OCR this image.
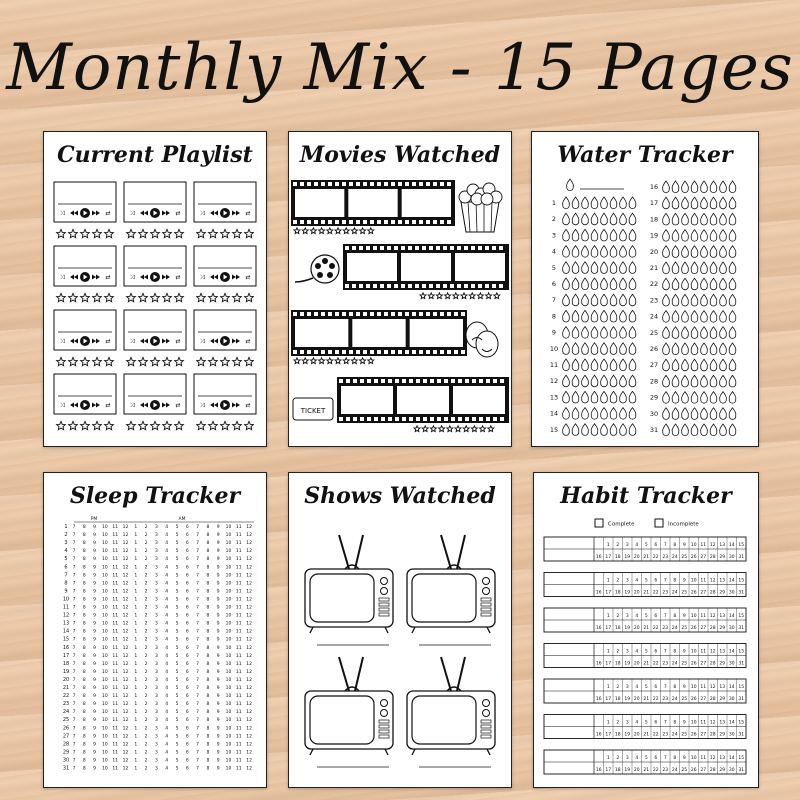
Monthly Mix - 15 Pages
Current Playlist
⤨	⇄	⤨	⇄	⤨	⇄
⤨	⇄	⤨	⇄	⤨	⇄
⤨	⇄	⤨	⇄	⤨	⇄
⤨	⇄	⤨	⇄	⤨	⇄
Movies Watched
TICKET
Water Tracker
1
2
3
4
5
6
7
8
9
10
11
12
13
14
15
16
17
18
19
20
21
22
23
24
25
26
27
28
29
30
31
Sleep Tracker
PM	AM
1 7 8 9 10 11 12 1 2 3 4 5 6 7 8 9 10 11 12
2 7 8 9 10 11 12 1 2 3 4 5 6 7 8 9 10 11 12
3 7 8 9 10 11 12 1 2 3 4 5 6 7 8 9 10 11 12
4 7 8 9 10 11 12 1 2 3 4 5 6 7 8 9 10 11 12
5 7 8 9 10 11 12 1 2 3 4 5 6 7 8 9 10 11 12
6 7 8 9 10 11 12 1 2 3 4 5 6 7 8 9 10 11 12
7 7 8 9 10 11 12 1 2 3 4 5 6 7 8 9 10 11 12
8 7 8 9 10 11 12 1 2 3 4 5 6 7 8 9 10 11 12
9 7 8 9 10 11 12 1 2 3 4 5 6 7 8 9 10 11 12
10 7 8 9 10 11 12 1 2 3 4 5 6 7 8 9 10 11 12
11 7 8 9 10 11 12 1 2 3 4 5 6 7 8 9 10 11 12
12 7 8 9 10 11 12 1 2 3 4 5 6 7 8 9 10 11 12
13 7 8 9 10 11 12 1 2 3 4 5 6 7 8 9 10 11 12
14 7 8 9 10 11 12 1 2 3 4 5 6 7 8 9 10 11 12
15 7 8 9 10 11 12 1 2 3 4 5 6 7 8 9 10 11 12
16 7 8 9 10 11 12 1 2 3 4 5 6 7 8 9 10 11 12
17 7 8 9 10 11 12 1 2 3 4 5 6 7 8 9 10 11 12
18 7 8 9 10 11 12 1 2 3 4 5 6 7 8 9 10 11 12
19 7 8 9 10 11 12 1 2 3 4 5 6 7 8 9 10 11 12
20 7 8 9 10 11 12 1 2 3 4 5 6 7 8 9 10 11 12
21 7 8 9 10 11 12 1 2 3 4 5 6 7 8 9 10 11 12
22 7 8 9 10 11 12 1 2 3 4 5 6 7 8 9 10 11 12
23 7 8 9 10 11 12 1 2 3 4 5 6 7 8 9 10 11 12
24 7 8 9 10 11 12 1 2 3 4 5 6 7 8 9 10 11 12
25 7 8 9 10 11 12 1 2 3 4 5 6 7 8 9 10 11 12
26 7 8 9 10 11 12 1 2 3 4 5 6 7 8 9 10 11 12
27 7 8 9 10 11 12 1 2 3 4 5 6 7 8 9 10 11 12
28 7 8 9 10 11 12 1 2 3 4 5 6 7 8 9 10 11 12
29 7 8 9 10 11 12 1 2 3 4 5 6 7 8 9 10 11 12
30 7 8 9 10 11 12 1 2 3 4 5 6 7 8 9 10 11 12
31 7 8 9 10 11 12 1 2 3 4 5 6 7 8 9 10 11 12
Shows Watched	Habit Tracker
Complete	Incomplete
1 2 3 4 5 6 7 8 9 10 11 12 13 14 15
16 17 18 19 20 21 22 23 24 25 26 27 28 29 30 31
1 2 3 4 5 6 7 8 9 10 11 12 13 14 15
16 17 18 19 20 21 22 23 24 25 26 27 28 29 30 31
1 2 3 4 5 6 7 8 9 10 11 12 13 14 15
16 17 18 19 20 21 22 23 24 25 26 27 28 29 30 31
1 2 3 4 5 6 7 8 9 10 11 12 13 14 15
16 17 18 19 20 21 22 23 24 25 26 27 28 29 30 31
1 2 3 4 5 6 7 8 9 10 11 12 13 14 15
16 17 18 19 20 21 22 23 24 25 26 27 28 29 30 31
1 2 3 4 5 6 7 8 9 10 11 12 13 14 15
16 17 18 19 20 21 22 23 24 25 26 27 28 29 30 31
1 2 3 4 5 6 7 8 9 10 11 12 13 14 15
16 17 18 19 20 21 22 23 24 25 26 27 28 29 30 31
